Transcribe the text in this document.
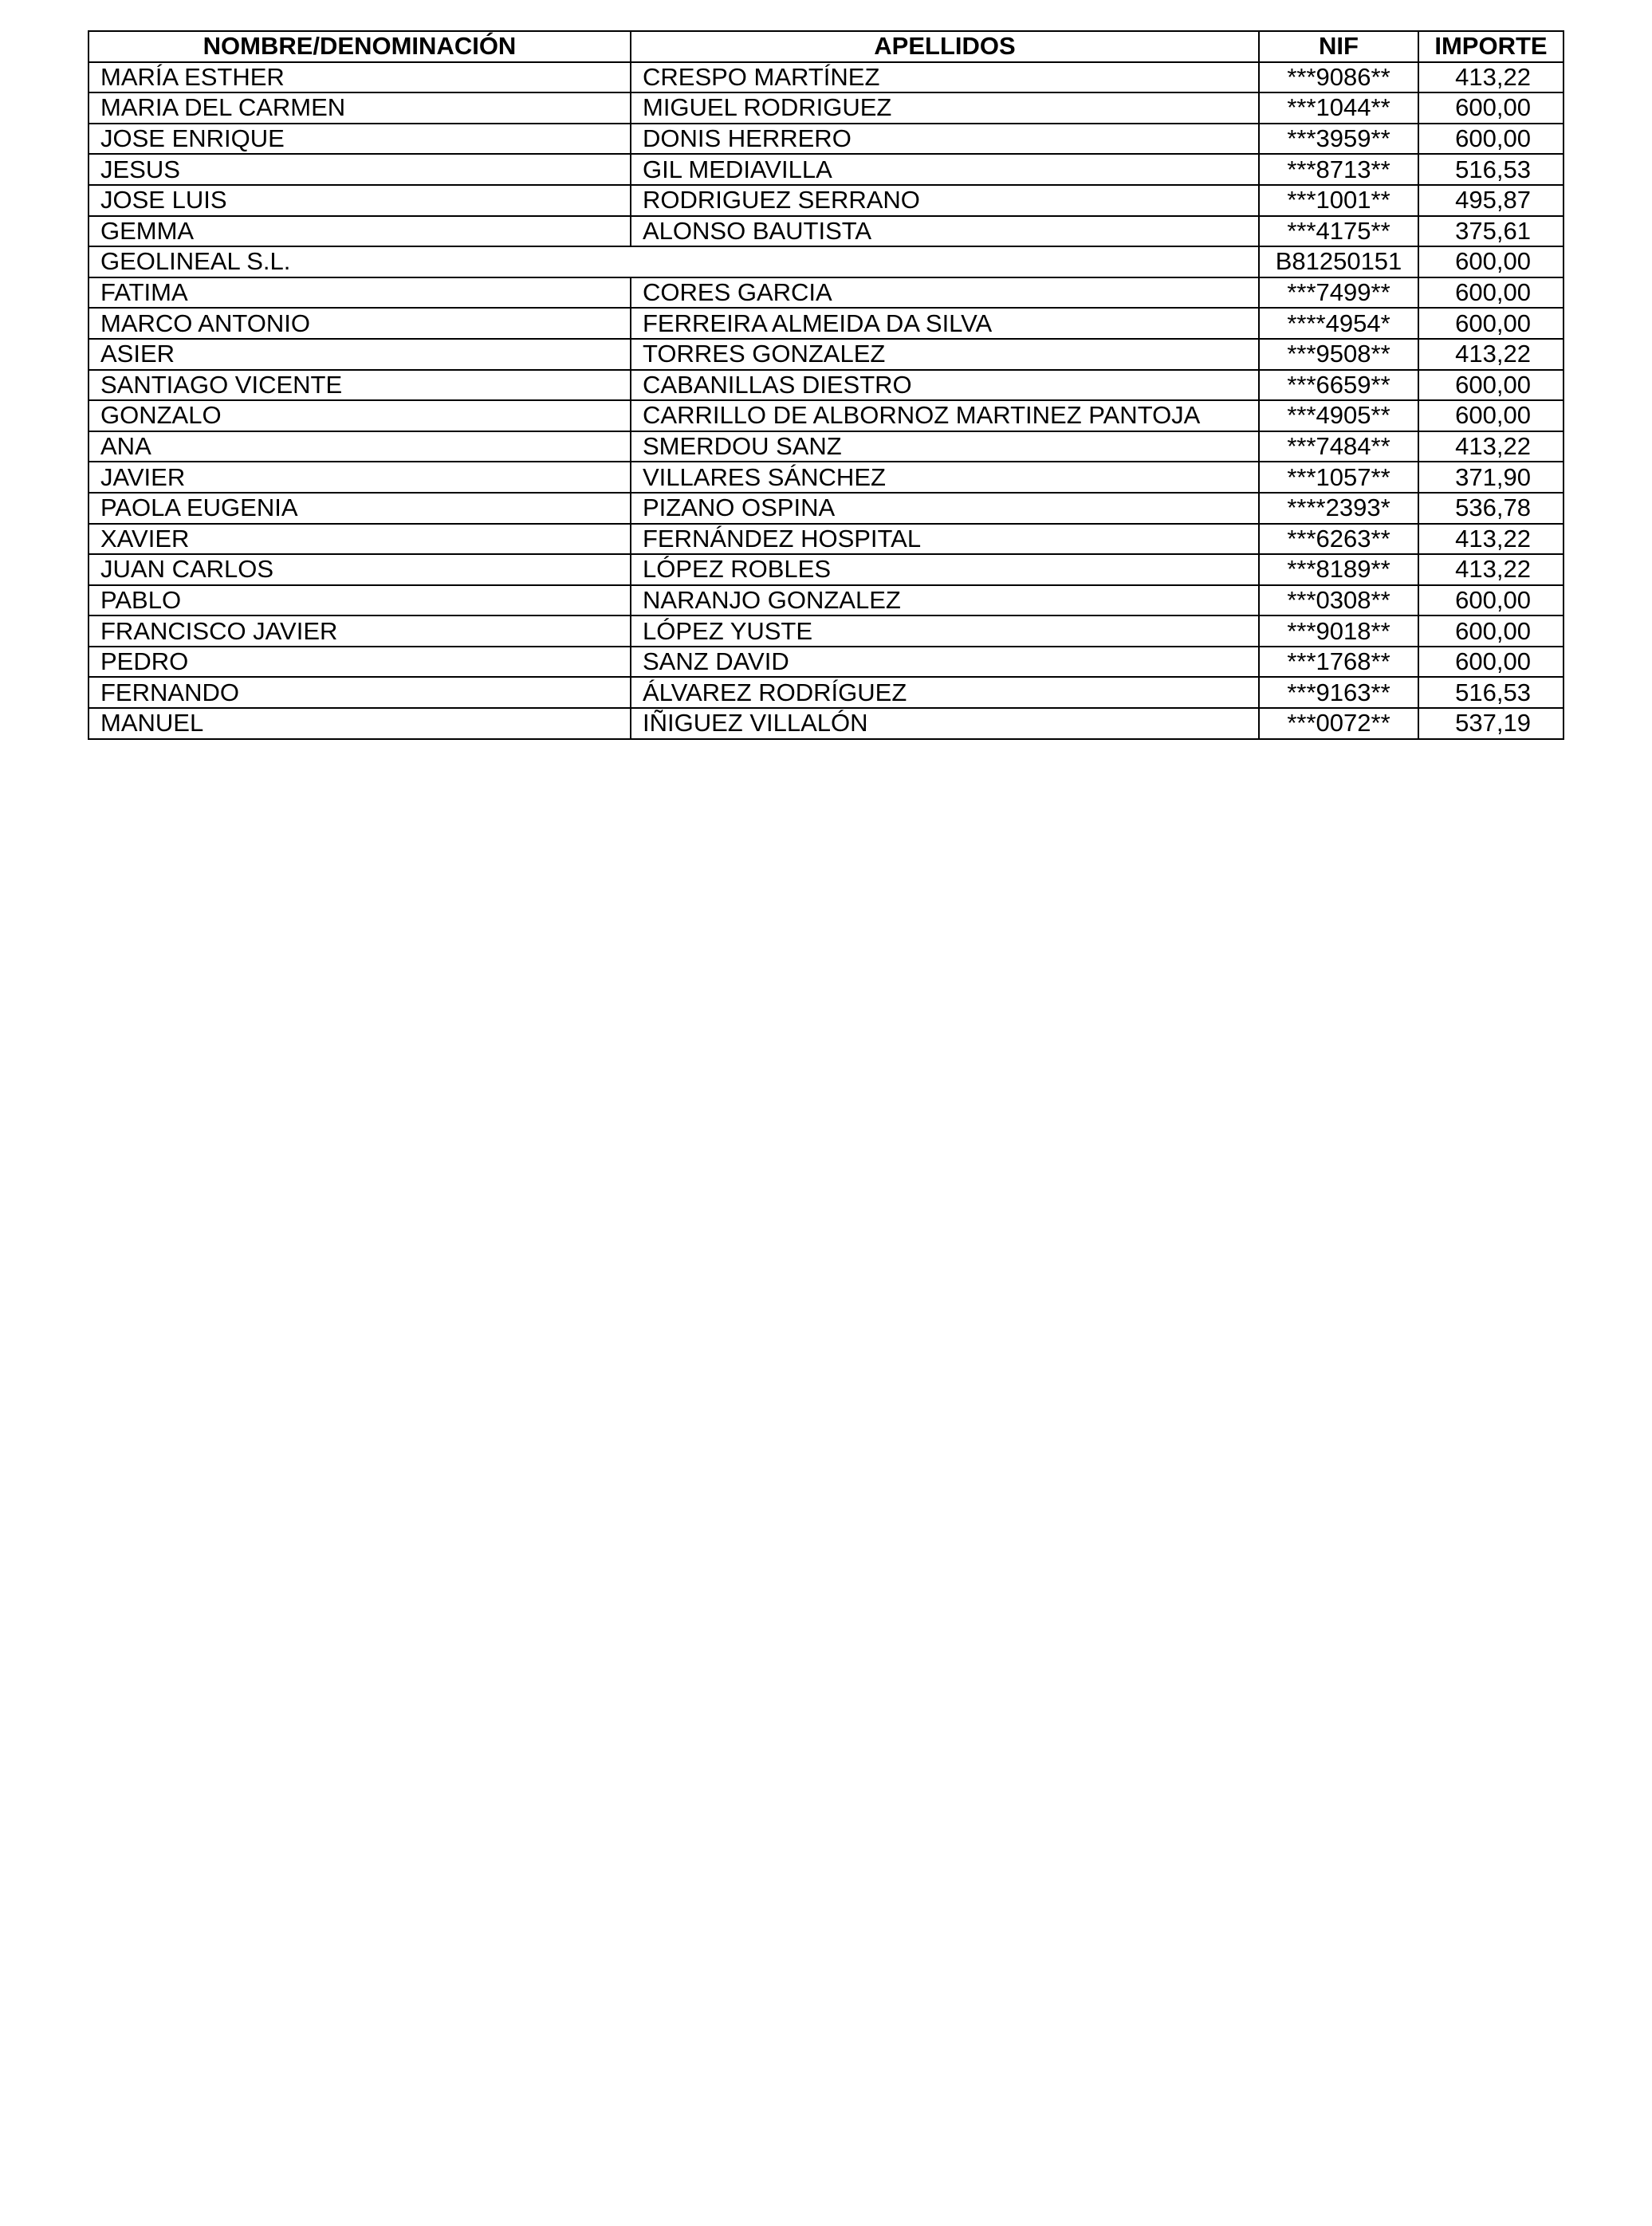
NOMBRE/DENOMINACIÓN	APELLIDOS	NIF	IMPORTE
MARÍA ESTHER	CRESPO MARTÍNEZ	***9086**	413,22
MARIA DEL CARMEN	MIGUEL RODRIGUEZ	***1044**	600,00
JOSE ENRIQUE	DONIS HERRERO	***3959**	600,00
JESUS	GIL MEDIAVILLA	***8713**	516,53
JOSE LUIS	RODRIGUEZ SERRANO	***1001**	495,87
GEMMA	ALONSO BAUTISTA	***4175**	375,61
GEOLINEAL S.L.		B81250151	600,00
FATIMA	CORES GARCIA	***7499**	600,00
MARCO ANTONIO	FERREIRA ALMEIDA DA SILVA	****4954*	600,00
ASIER	TORRES GONZALEZ	***9508**	413,22
SANTIAGO VICENTE	CABANILLAS DIESTRO	***6659**	600,00
GONZALO	CARRILLO DE ALBORNOZ MARTINEZ PANTOJA	***4905**	600,00
ANA	SMERDOU SANZ	***7484**	413,22
JAVIER	VILLARES SÁNCHEZ	***1057**	371,90
PAOLA EUGENIA	PIZANO OSPINA	****2393*	536,78
XAVIER	FERNÁNDEZ HOSPITAL	***6263**	413,22
JUAN CARLOS	LÓPEZ ROBLES	***8189**	413,22
PABLO	NARANJO GONZALEZ	***0308**	600,00
FRANCISCO JAVIER	LÓPEZ YUSTE	***9018**	600,00
PEDRO	SANZ DAVID	***1768**	600,00
FERNANDO	ÁLVAREZ RODRÍGUEZ	***9163**	516,53
MANUEL	IÑIGUEZ VILLALÓN	***0072**	537,19
